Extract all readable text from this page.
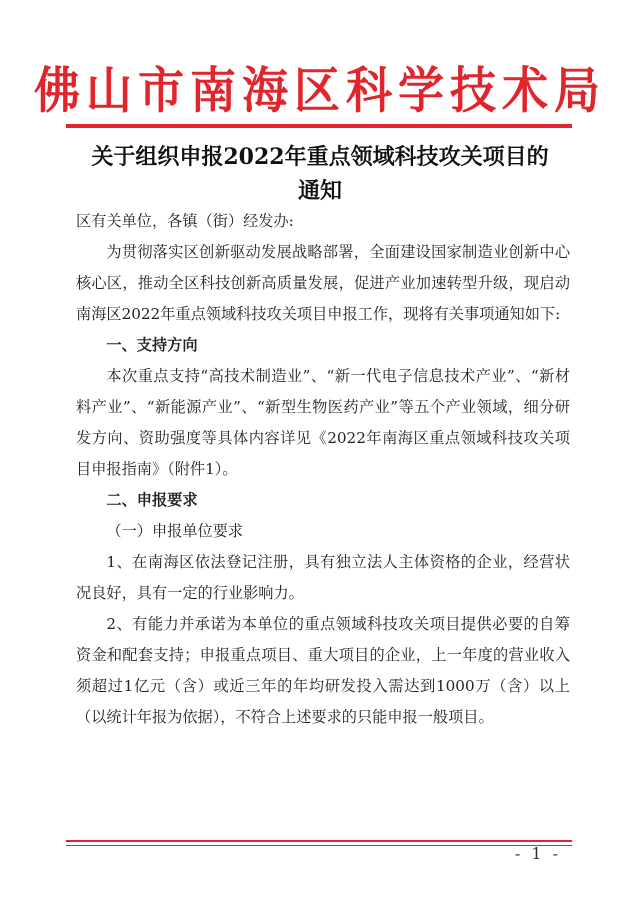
佛山市南海区科学技术局
关于组织申报2022年重点领域科技攻关项目的
通知
区有关单位，各镇（街）经发办:
为贯彻落实区创新驱动发展战略部署，全面建设国家制造业创新中心核心区，推动全区科技创新高质量发展，促进产业加速转型升级，现启动南海区2022年重点领域科技攻关项目申报工作，现将有关事项通知如下:
一、支持方向
本次重点支持“高技术制造业”、“新一代电子信息技术产业”、“新材料产业”、“新能源产业”、“新型生物医药产业”等五个产业领域，细分研发方向、资助强度等具体内容详见《2022年南海区重点领域科技攻关项目申报指南》（附件1）。
二、申报要求
（一）申报单位要求
1、在南海区依法登记注册，具有独立法人主体资格的企业，经营状况良好，具有一定的行业影响力。
2、有能力并承诺为本单位的重点领域科技攻关项目提供必要的自筹资金和配套支持；申报重点项目、重大项目的企业，上一年度的营业收入须超过1亿元（含）或近三年的年均研发投入需达到1000万（含）以上（以统计年报为依据），不符合上述要求的只能申报一般项目。
- 1 -
